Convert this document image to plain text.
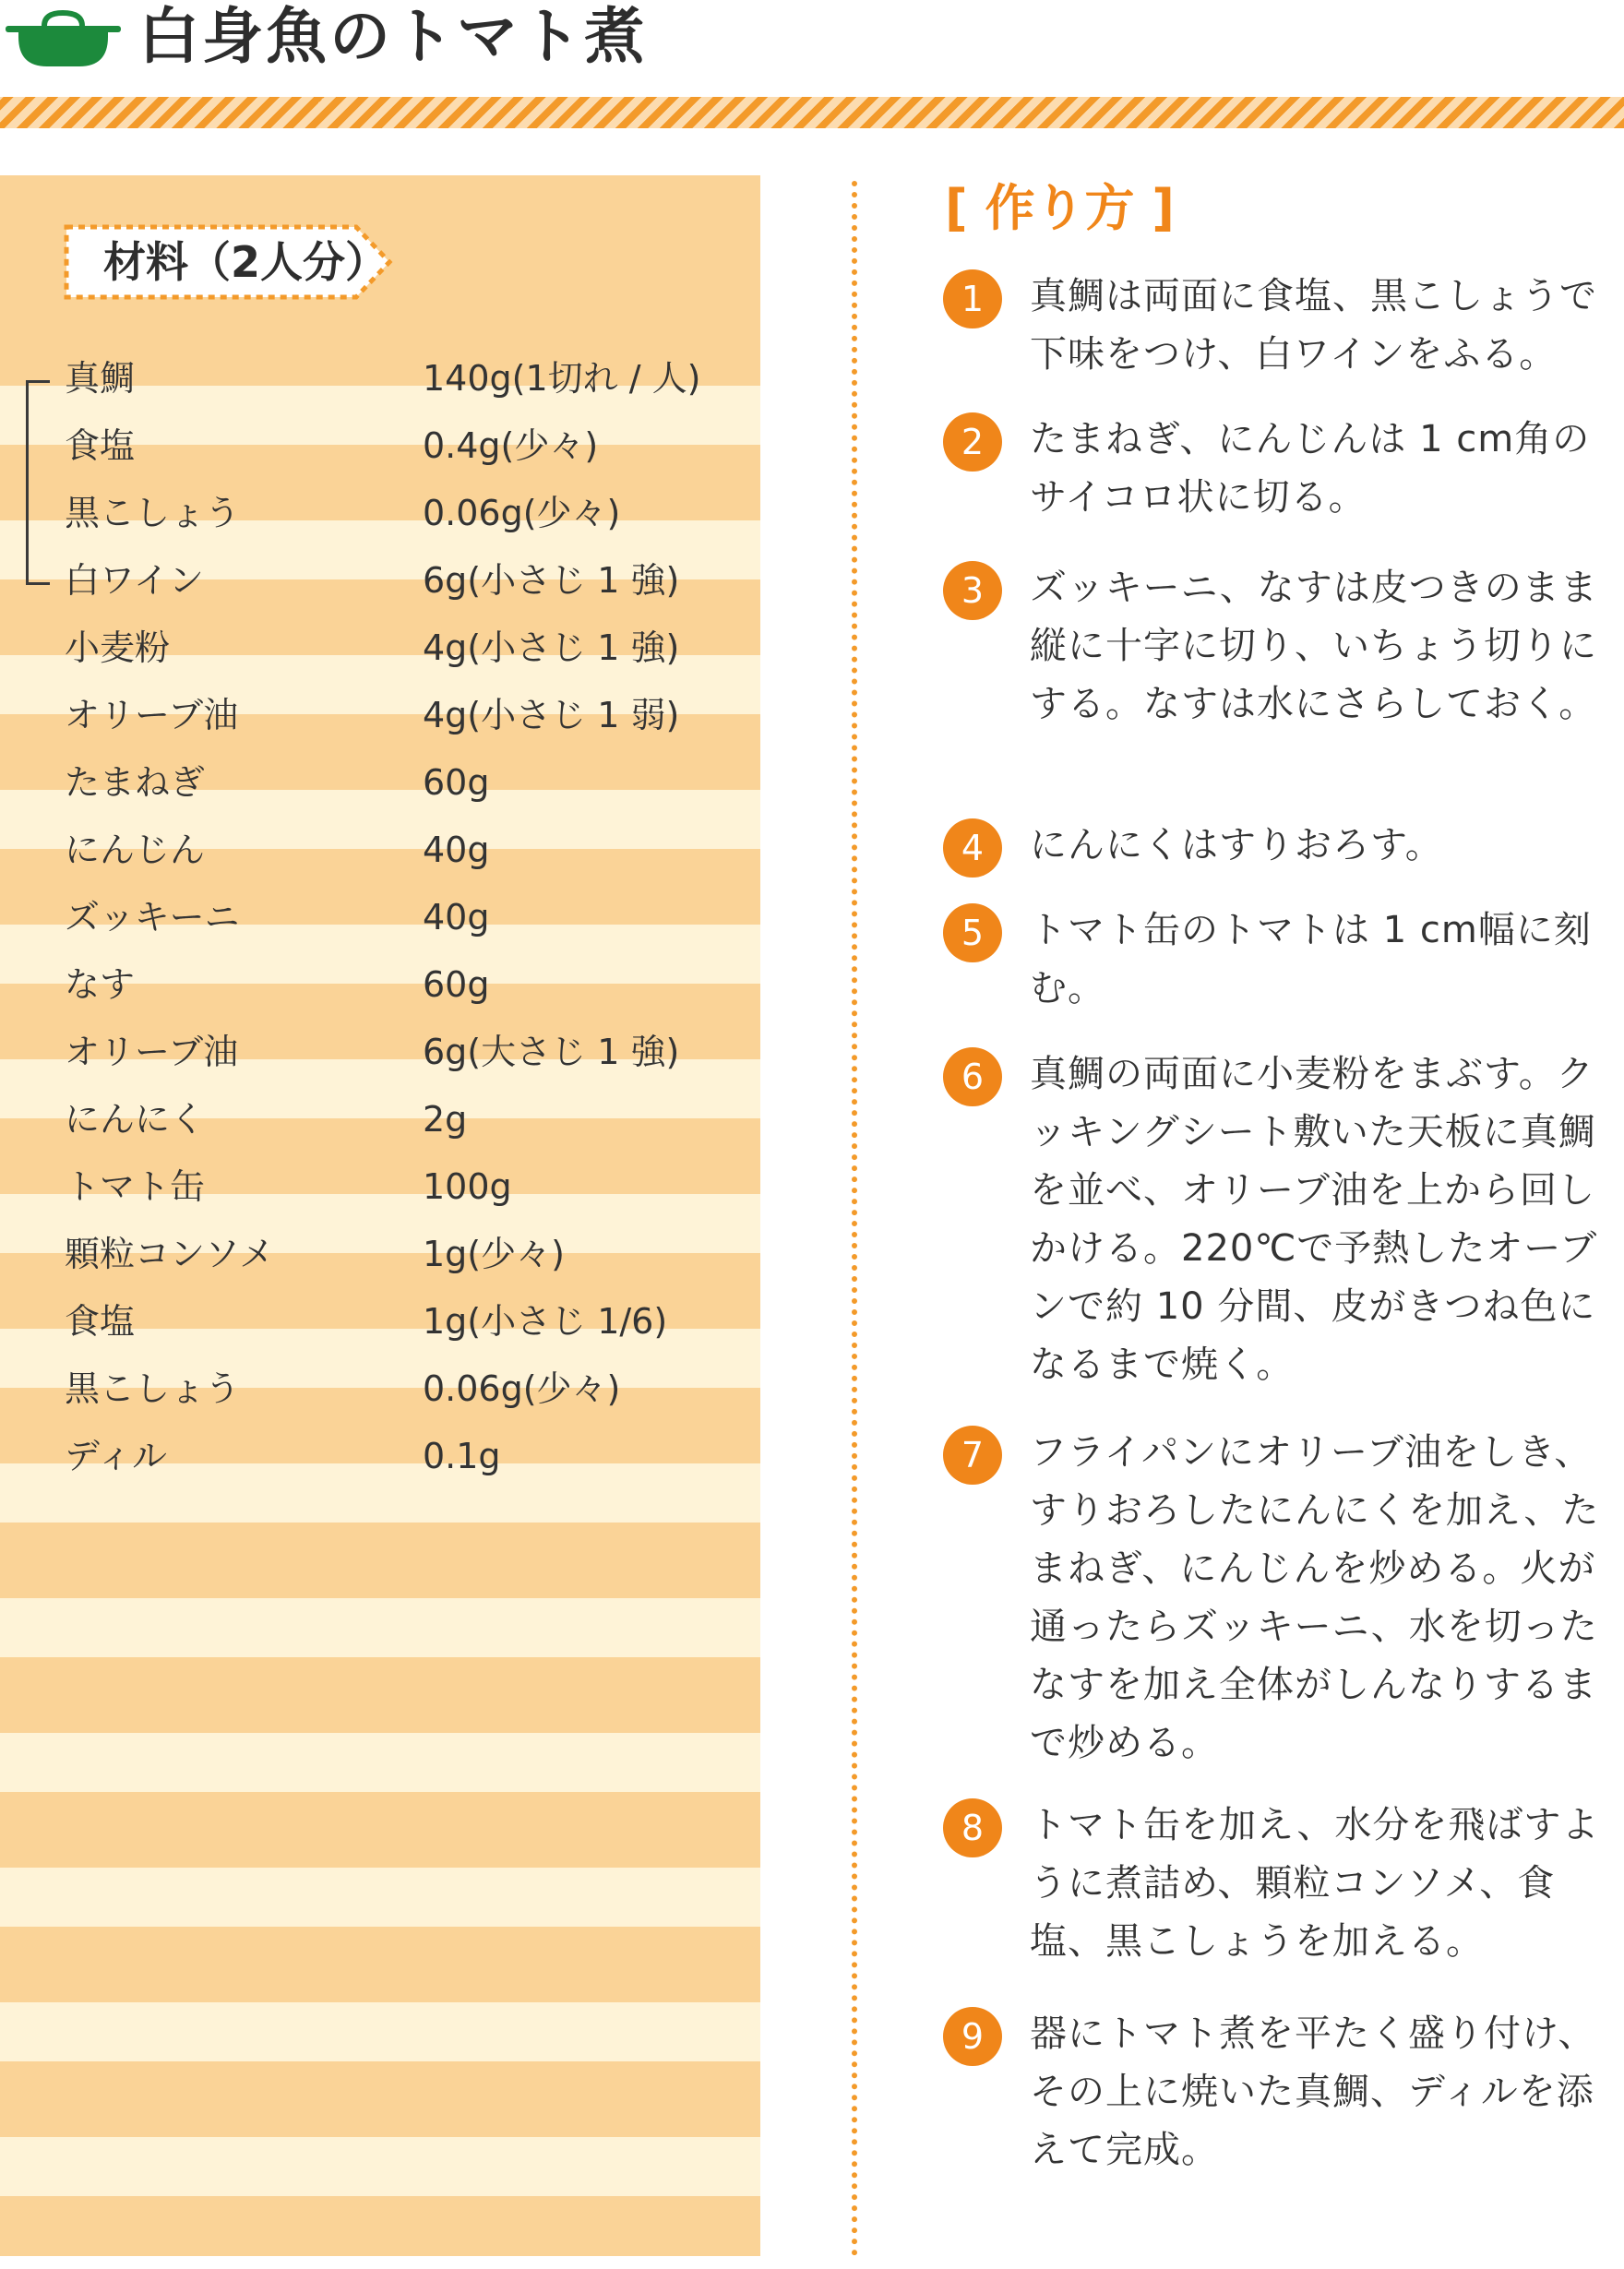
白身魚のトマト煮
材料（2人分）
真鯛	140g(1切れ / 人)
食塩	0.4g(少々)
黒こしょう	0.06g(少々)
白ワイン	6g(小さじ 1 強)
小麦粉	4g(小さじ 1 強)
オリーブ油	4g(小さじ 1 弱)
たまねぎ	60g
にんじん	40g
ズッキーニ	40g
なす	60g
オリーブ油	6g(大さじ 1 強)
にんにく	2g
トマト缶	100g
顆粒コンソメ	1g(少々)
食塩	1g(小さじ 1/6)
黒こしょう	0.06g(少々)
ディル	0.1g
[ 作り方 ]
1	真鯛は両面に食塩、黒こしょうで下味をつけ、白ワインをふる。
2	たまねぎ、にんじんは 1 cm角のサイコロ状に切る。
3	ズッキーニ、なすは皮つきのまま縦に十字に切り、いちょう切りにする。なすは水にさらしておく。
4	にんにくはすりおろす。
5	トマト缶のトマトは 1 cm幅に刻む。
6	真鯛の両面に小麦粉をまぶす。クッキングシート敷いた天板に真鯛を並べ、オリーブ油を上から回しかける。220℃で予熱したオーブンで約 10 分間、皮がきつね色になるまで焼く。
7	フライパンにオリーブ油をしき、すりおろしたにんにくを加え、たまねぎ、にんじんを炒める。火が通ったらズッキーニ、水を切ったなすを加え全体がしんなりするまで炒める。
8	トマト缶を加え、水分を飛ばすように煮詰め、顆粒コンソメ、食塩、黒こしょうを加える。
9	器にトマト煮を平たく盛り付け、その上に焼いた真鯛、ディルを添えて完成。
